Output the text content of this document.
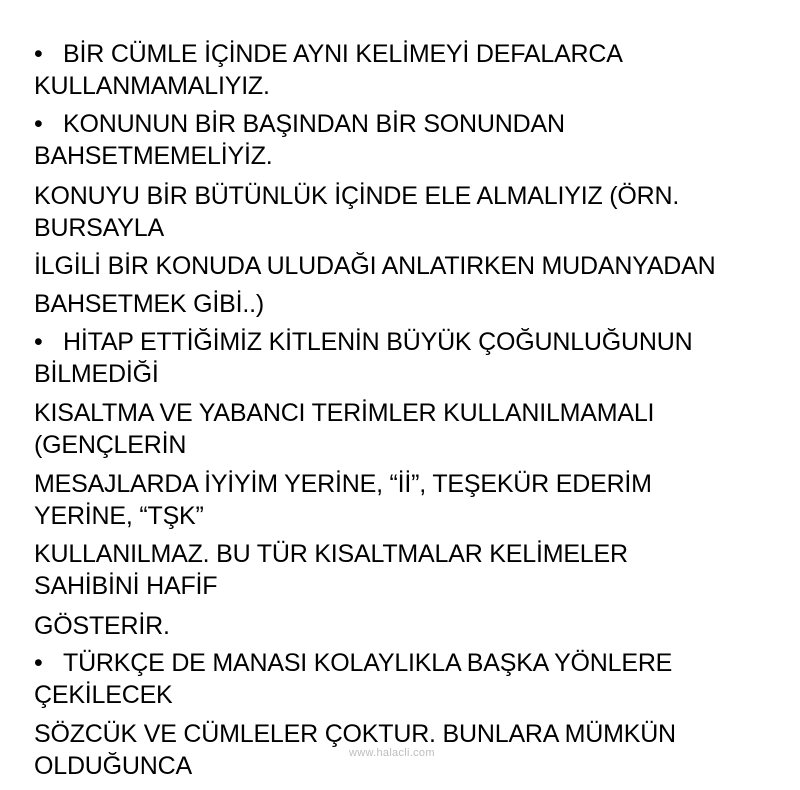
• BİR CÜMLE İÇİNDE AYNI KELİMEYİ DEFALARCA
KULLANMAMALIYIZ.
• KONUNUN BİR BAŞINDAN BİR SONUNDAN
BAHSETMEMELİYİZ.
KONUYU BİR BÜTÜNLÜK İÇİNDE ELE ALMALIYIZ (ÖRN.
BURSAYLA
İLGİLİ BİR KONUDA ULUDAĞI ANLATIRKEN MUDANYADAN
BAHSETMEK GİBİ..)
• HİTAP ETTİĞİMİZ KİTLENİN BÜYÜK ÇOĞUNLUĞUNUN
BİLMEDİĞİ
KISALTMA VE YABANCI TERİMLER KULLANILMAMALI
(GENÇLERİN
MESAJLARDA İYİYİM YERİNE, “İİ”, TEŞEKÜR EDERİM
YERİNE, “TŞK”
KULLANILMAZ. BU TÜR KISALTMALAR KELİMELER
SAHİBİNİ HAFİF
GÖSTERİR.
• TÜRKÇE DE MANASI KOLAYLIKLA BAŞKA YÖNLERE
ÇEKİLECEK
SÖZCÜK VE CÜMLELER ÇOKTUR. BUNLARA MÜMKÜN
OLDUĞUNCA	www.halacli.com
